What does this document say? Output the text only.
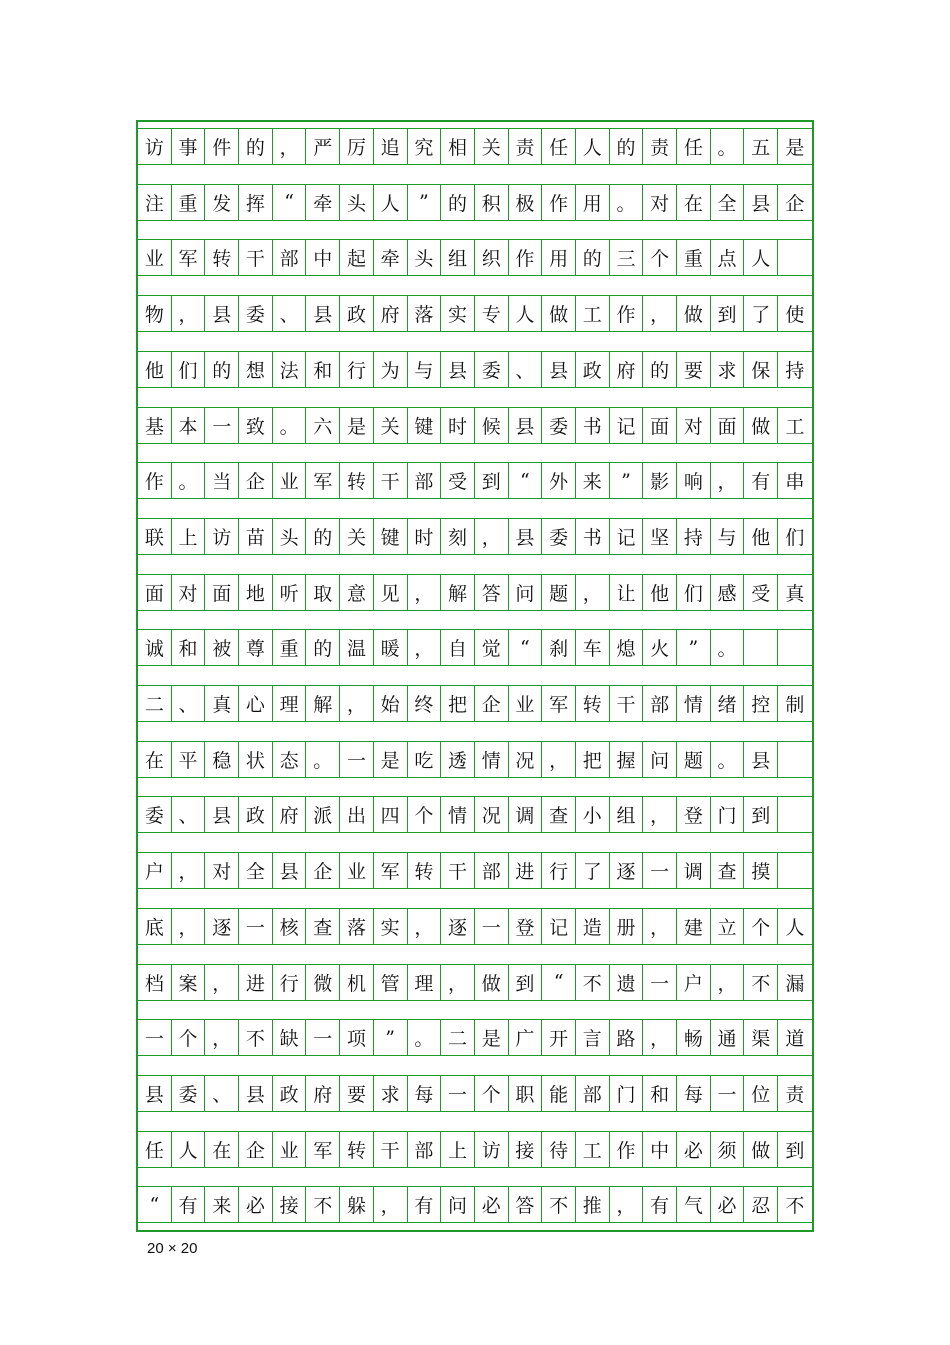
访 事 件 的 ， 严 厉 追 究 相 关 责 任 人 的 责 任 。 五 是
注 重 发 挥	“	牵 头 人	”	的 积 极 作 用 。 对 在 全 县 企
业 军 转 干 部 中 起 牵 头 组 织 作 用 的 三 个 重 点 人
物 ， 县 委 、 县 政 府 落 实 专 人 做 工 作 ， 做 到 了 使
他 们 的 想 法 和 行 为 与 县 委 、 县 政 府 的 要 求 保 持
基 本 一 致 。 六 是 关 键 时 候 县 委 书 记 面 对 面 做 工
作 。 当 企 业 军 转 干 部 受 到	“	外 来	”	影 响 ， 有 串
联 上 访 苗 头 的 关 键 时 刻 ， 县 委 书 记 坚 持 与 他 们
面 对 面 地 听 取 意 见 ， 解 答 问 题 ， 让 他 们 感 受 真
诚 和 被 尊 重 的 温 暖 ， 自 觉	“	刹 车 熄 火	”	。
二 、 真 心 理 解 ， 始 终 把 企 业 军 转 干 部 情 绪 控 制
在 平 稳 状 态 。 一 是 吃 透 情 况 ， 把 握 问 题 。 县
委 、 县 政 府 派 出 四 个 情 况 调 查 小 组 ， 登 门 到
户 ， 对 全 县 企 业 军 转 干 部 进 行 了 逐 一 调 查 摸
底 ， 逐 一 核 查 落 实 ， 逐 一 登 记 造 册 ， 建 立 个 人
档 案 ， 进 行 微 机 管 理 ， 做 到	“	不 遗 一 户 ， 不 漏
一 个 ， 不 缺 一 项	”	。 二 是 广 开 言 路 ， 畅 通 渠 道
县 委 、 县 政 府 要 求 每 一 个 职 能 部 门 和 每 一 位 责
任 人 在 企 业 军 转 干 部 上 访 接 待 工 作 中 必 须 做 到
“	有 来 必 接 不 躲 ， 有 问 必 答 不 推 ， 有 气 必 忍 不
20 × 20
